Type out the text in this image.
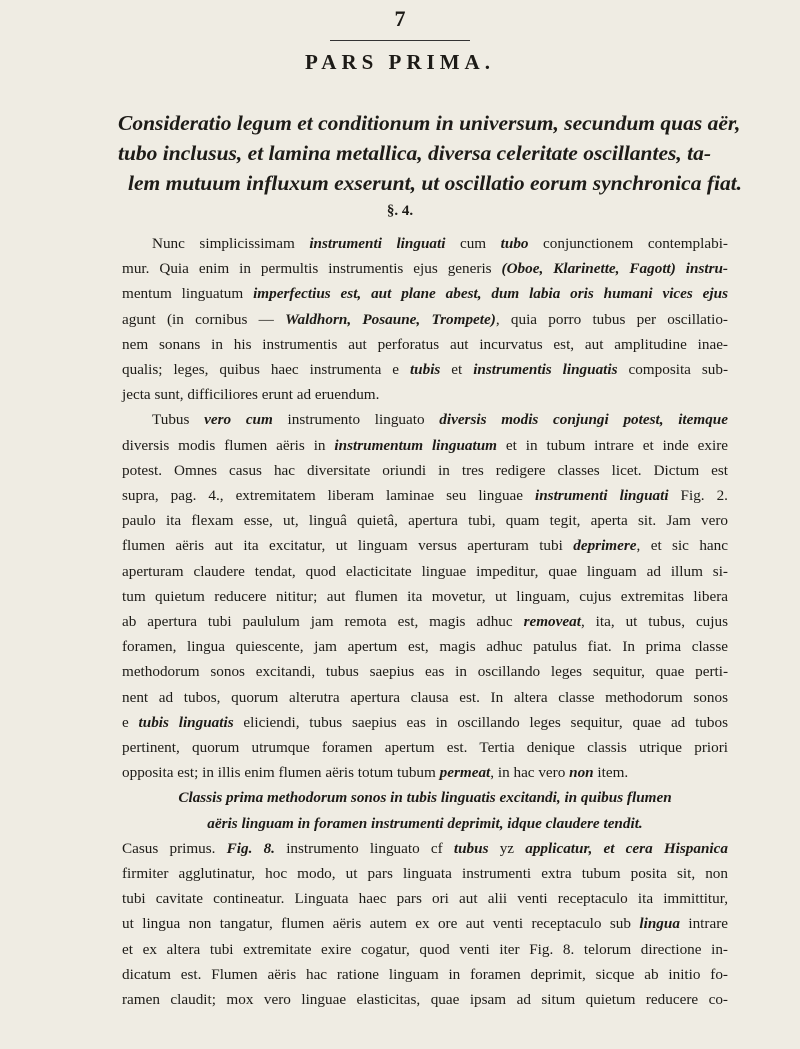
7
PARS PRIMA.
Consideratio legum et conditionum in universum, secundum quas aër,
tubo inclusus, et lamina metallica, diversa celeritate oscillantes, ta-
lem mutuum influxum exserunt, ut oscillatio eorum synchronica fiat.
§. 4.
Nunc simplicissimam instrumenti linguati cum tubo conjunctionem contemplabi-
mur. Quia enim in permultis instrumentis ejus generis (Oboe, Klarinette, Fagott) instru-
mentum linguatum imperfectius est, aut plane abest, dum labia oris humani vices ejus
agunt (in cornibus — Waldhorn, Posaune, Trompete), quia porro tubus per oscillatio-
nem sonans in his instrumentis aut perforatus aut incurvatus est, aut amplitudine inae-
qualis; leges, quibus haec instrumenta e tubis et instrumentis linguatis composita sub-
jecta sunt, difficiliores erunt ad eruendum.
Tubus vero cum instrumento linguato diversis modis conjungi potest, itemque
diversis modis flumen aëris in instrumentum linguatum et in tubum intrare et inde exire
potest. Omnes casus hac diversitate oriundi in tres redigere classes licet. Dictum est
supra, pag. 4., extremitatem liberam laminae seu linguae instrumenti linguati Fig. 2.
paulo ita flexam esse, ut, linguâ quietâ, apertura tubi, quam tegit, aperta sit. Jam vero
flumen aëris aut ita excitatur, ut linguam versus aperturam tubi deprimere, et sic hanc
aperturam claudere tendat, quod elacticitate linguae impeditur, quae linguam ad illum si-
tum quietum reducere nititur; aut flumen ita movetur, ut linguam, cujus extremitas libera
ab apertura tubi paululum jam remota est, magis adhuc removeat, ita, ut tubus, cujus
foramen, lingua quiescente, jam apertum est, magis adhuc patulus fiat. In prima classe
methodorum sonos excitandi, tubus saepius eas in oscillando leges sequitur, quae perti-
nent ad tubos, quorum alterutra apertura clausa est. In altera classe methodorum sonos
e tubis linguatis eliciendi, tubus saepius eas in oscillando leges sequitur, quae ad tubos
pertinent, quorum utrumque foramen apertum est. Tertia denique classis utrique priori
opposita est; in illis enim flumen aëris totum tubum permeat, in hac vero non item.
Classis prima methodorum sonos in tubis linguatis excitandi, in quibus flumen
aëris linguam in foramen instrumenti deprimit, idque claudere tendit.
Casus primus. Fig. 8. instrumento linguato cf tubus yz applicatur, et cera Hispanica
firmiter agglutinatur, hoc modo, ut pars linguata instrumenti extra tubum posita sit, non
tubi cavitate contineatur. Linguata haec pars ori aut alii venti receptaculo ita immittitur,
ut lingua non tangatur, flumen aëris autem ex ore aut venti receptaculo sub lingua intrare
et ex altera tubi extremitate exire cogatur, quod venti iter Fig. 8. telorum directione in-
dicatum est. Flumen aëris hac ratione linguam in foramen deprimit, sicque ab initio fo-
ramen claudit; mox vero linguae elasticitas, quae ipsam ad situm quietum reducere co-
